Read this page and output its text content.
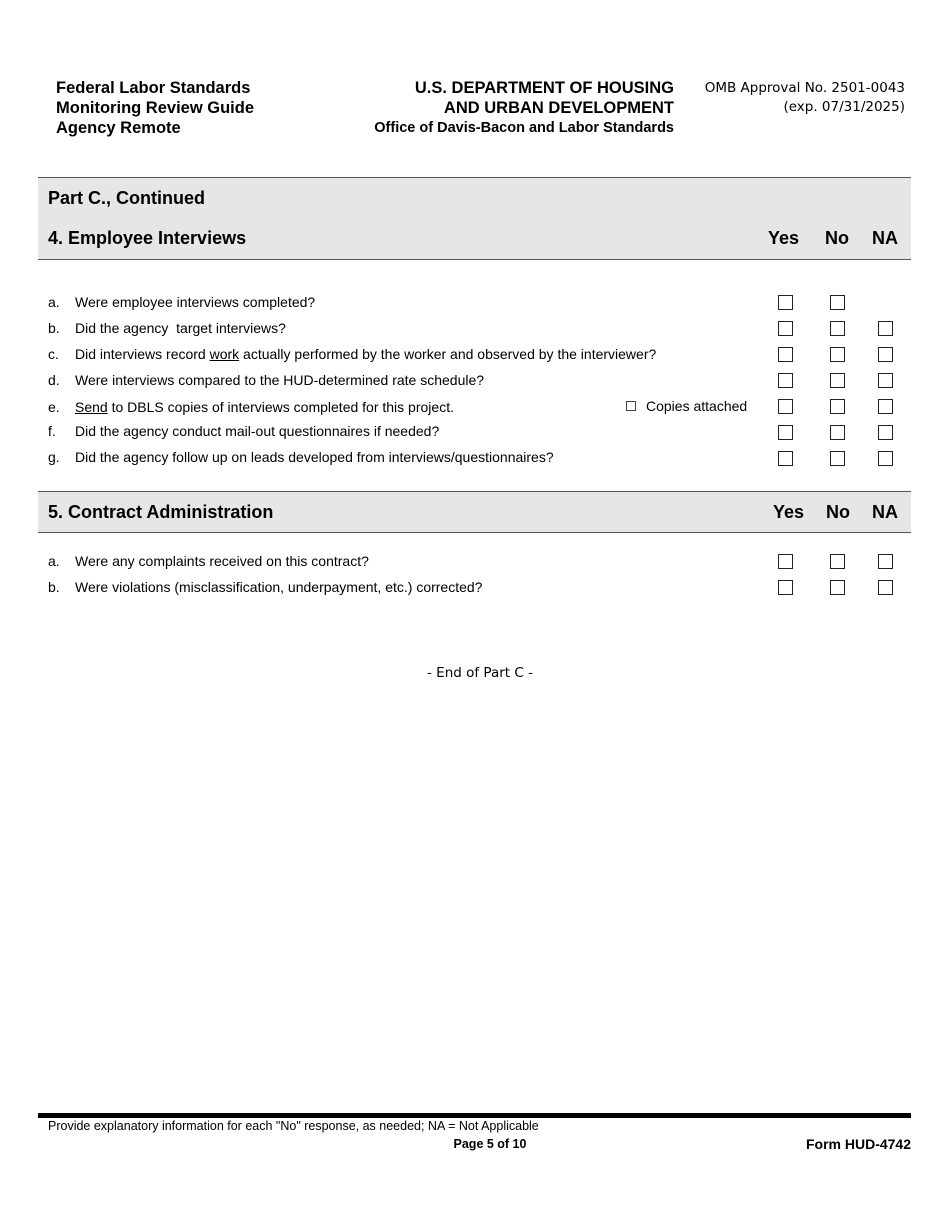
Federal Labor Standards
Monitoring Review Guide
Agency Remote
U.S. DEPARTMENT OF HOUSING
AND URBAN DEVELOPMENT
Office of Davis-Bacon and Labor Standards
OMB Approval No. 2501-0043
(exp. 07/31/2025)
Part C., Continued
4. Employee Interviews	Yes No NA
a. Were employee interviews completed?
b. Did the agency  target interviews?
c. Did interviews record work actually performed by the worker and observed by the interviewer?
d. Were interviews compared to the HUD-determined rate schedule?
e. Send to DBLS copies of interviews completed for this project.	Copies attached
f. Did the agency conduct mail-out questionnaires if needed?
g. Did the agency follow up on leads developed from interviews/questionnaires?
5. Contract Administration	Yes No NA
a. Were any complaints received on this contract?
b. Were violations (misclassification, underpayment, etc.) corrected?
- End of Part C -
Provide explanatory information for each "No" response, as needed; NA = Not Applicable
Page 5 of 10	Form HUD-4742
